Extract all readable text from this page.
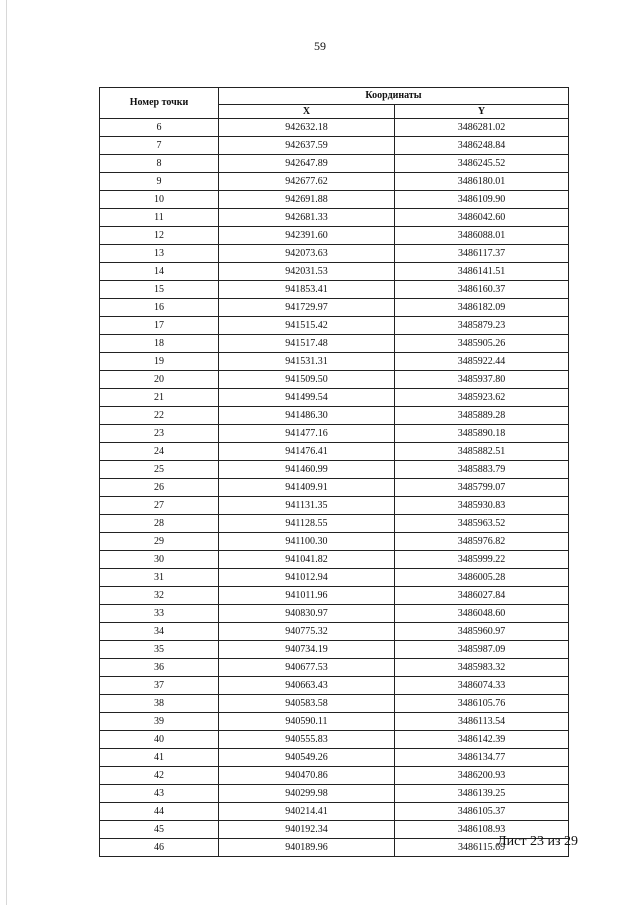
59
Номер точки	Координаты	
	X	Y
6	942632.18	3486281.02
7	942637.59	3486248.84
8	942647.89	3486245.52
9	942677.62	3486180.01
10	942691.88	3486109.90
11	942681.33	3486042.60
12	942391.60	3486088.01
13	942073.63	3486117.37
14	942031.53	3486141.51
15	941853.41	3486160.37
16	941729.97	3486182.09
17	941515.42	3485879.23
18	941517.48	3485905.26
19	941531.31	3485922.44
20	941509.50	3485937.80
21	941499.54	3485923.62
22	941486.30	3485889.28
23	941477.16	3485890.18
24	941476.41	3485882.51
25	941460.99	3485883.79
26	941409.91	3485799.07
27	941131.35	3485930.83
28	941128.55	3485963.52
29	941100.30	3485976.82
30	941041.82	3485999.22
31	941012.94	3486005.28
32	941011.96	3486027.84
33	940830.97	3486048.60
34	940775.32	3485960.97
35	940734.19	3485987.09
36	940677.53	3485983.32
37	940663.43	3486074.33
38	940583.58	3486105.76
39	940590.11	3486113.54
40	940555.83	3486142.39
41	940549.26	3486134.77
42	940470.86	3486200.93
43	940299.98	3486139.25
44	940214.41	3486105.37
45	940192.34	3486108.93
46	940189.96	3486115.69
Лист 23 из 29
